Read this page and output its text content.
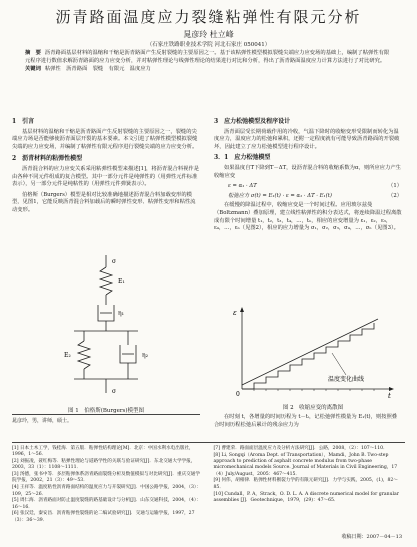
沥青路面温度应力裂缝粘弹性有限元分析
晁彦玲 杜立峰
（石家庄铁路职业技术学院 河北石家庄 050041）
摘　要 沥青路面基层材料的温缩和干缩是沥青路面产生反射裂缝的主要原因之一。基于该粘弹性模型模拟裂缝尖端应力应变场的基础上，编制了粘弹性有限元程序进行数值求解沥青路面的应力应变分析，并对粘弹性理论与线弹性理论的结果进行对比和分析，得出了沥青路面温度应力计算方法进行了对比研究。
关键词 粘弹性　沥青路面　裂缝　有限元　温度应力
1　引言

基层材料的温缩和干缩是沥青路面产生反射裂缝的主要原因之一，裂缝的尖端应力场是否能够使沥青面层开裂的基本要素。本文引进了粘弹性模型模拟裂缝尖端的应力应变场，并编制了粘弹性有限元程序进行裂缝尖端的应力应变分析。

2　沥青材料的粘弹性模型

沥青混合料的应力应变关系采用粘弹性模型来描述[1]，将沥青混合料视作是由各种不同元件组成的复合模型。其中一部分元件是纯弹性的（用弹性元件标准表示），另一部分元件是纯粘性的（用弹性元件弹簧表示）。

伯格斯（Burgers）模型是相对比较准确地描述沥青混合料加载变形的模型，见图1，它能反映沥青混合料加载后的瞬时弹性变形、粘弹性变形和粘性流动变形。

σ
E₁
η₁
E₂	η₂
σ
图 1　伯格斯(Burgers)模型图
3　应力松弛模型及程序设计

沥青面层受长期荷载作用的冷收，气温下降时的收缩变形受限制而转化为温度应力，温度应力的松弛和累积，还附一定程度就有可能导致沥青路面的开裂破坏，因此建立了应力松弛模型进行程序设计。

3．1　应力松弛模型

如果温度自T下降到T－ΔT，设沥青混合料的收缩系数为α，则所应应力产生收缩应变

ε = α₁ · ΔT	（1）
松弛应力 σ(t) = E₁(t) · ε = α₁ · ΔT · E₁(t)	（2）

在缓慢的降温过程中，收缩应变是一个时间过程。应用玻尔兹曼（Boltzmann）叠加原理，建立线性粘弹性的积分表达式，将连续降温过程离散成有限个时间增量 t₁，t₂，t₃，t₄，…，tₙ，相应的应变增量为 ε₁，ε₂，ε₃，ε₄，…，εₙ（见图2），相应的应力增量为 σ₁，σ₂，σ₃，σ₄，…，σₙ（见图3）。

ε
t
0
温度变化曲线
图 2　收缩应变的离散图
晁彦玲，男，讲师，硕士。

在时刻 t，各增量的时间历程为 t－tᵢ，记松弛弹性模量为 E₁(t)，则按照叠合时间历程松弛后累计的残余应力为

[1] 日本土木工学，钱桂海．第五版．粘弹性结构理论[M]．北京：中国水利水电出版社，1996，1～56．
[2] 刘振凌，聂红梅等．粘弹性理论与道路学性的关联与验证研究[J]．东北交通大学学报，2003，33（1）：1108～1111．
[3] 汤德，张书中等．多层粘弹体系沥青路面裂缝分析及数值模拟与对比研究[J]．重庆交通学院学报，2002，21（3）：49～53．
[4] 王祥等．温度粘性沥青路面结构的温度应力与开裂研究[J]．中国公路学报，2004，（3）：109，25～26．
[5] 周仁海．沥青路面对防止温度裂缝的路基础设计与分析[J]．山东交通科技，2004，（4）：16～16．
[6] 张汉廷，秦安昌．沥青粘弹性裂缝的论二编试验研究[J]．交通与运输学报，1997，27（3）：36～39．
[7] 曹建荣．路面面层温度应力及分析方法研究[J]．公路，2008，（2）：107～110．
[8] Li, Songqi（Aroma Dept. of Transportation），Mamdi，John B. Two-step approach to prediction of asphalt concrete modulus from two-phase micromechanical models Source. Journal of Materials in Civil Engineering，17（4）July/August，2005：467～415．
[9] 何伟，胡相律．粘弹性材料断裂力学的有限元研究[J]．力学与实践，2005，(1)，82～85．
[10] Cundall，P. A，Strack，O. D. L. A. A discrete numerical model for granular assemblies [J]．Geotechnique，1979，(29)：47～65．
收稿日期：2007－04－13
